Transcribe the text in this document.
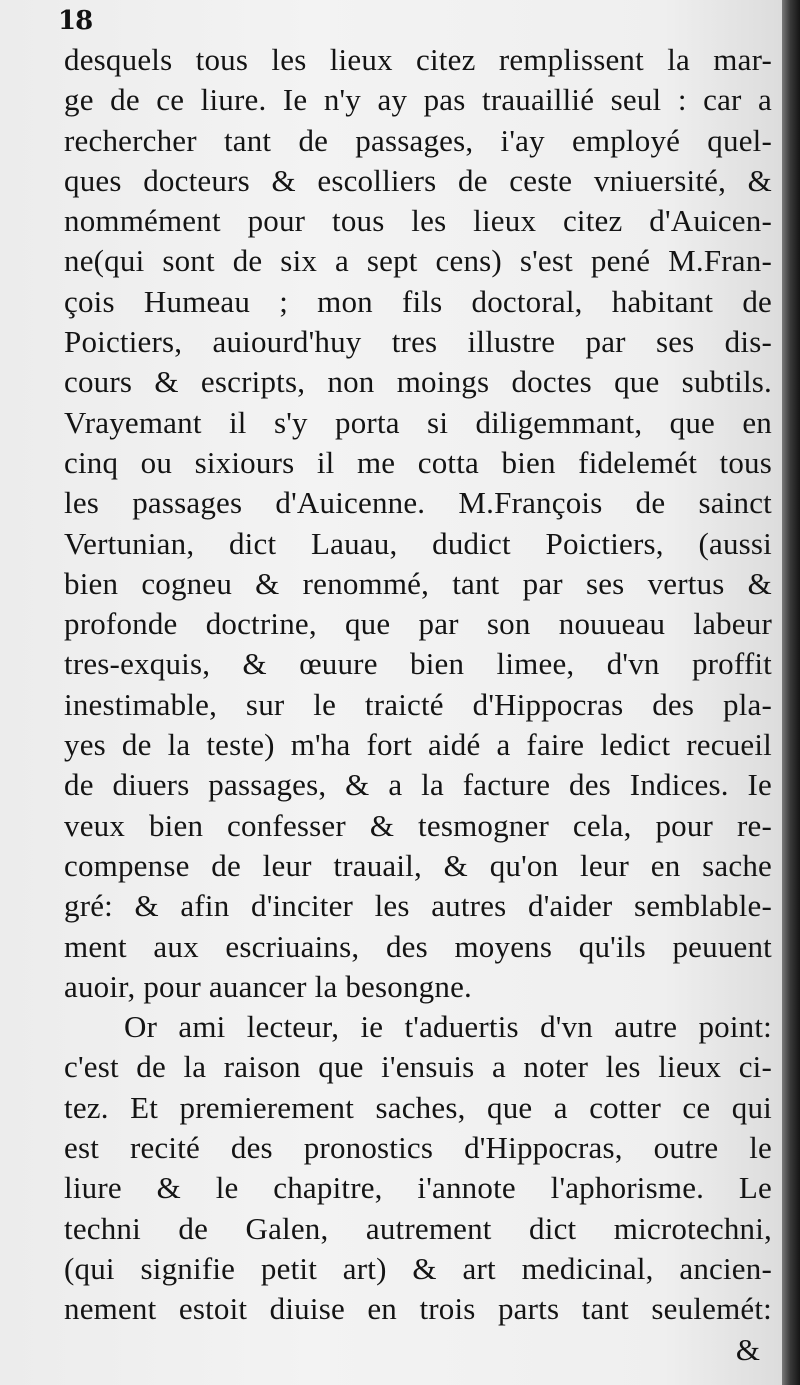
18
desquels tous les lieux citez remplissent la mar-
ge de ce liure. Ie n'y ay pas trauaillié seul : car a
rechercher tant de passages, i'ay employé quel-
ques docteurs & escolliers de ceste vniuersité, &
nommément pour tous les lieux citez d'Auicen-
ne(qui sont de six a sept cens) s'est pené M.Fran-
çois Humeau ; mon fils doctoral, habitant de
Poictiers, auiourd'huy tres illustre par ses dis-
cours & escripts, non moings doctes que subtils.
Vrayemant il s'y porta si diligemmant, que en
cinq ou sixiours il me cotta bien fidelemét tous
les passages d'Auicenne. M.François de sainct
Vertunian, dict Lauau, dudict Poictiers, (aussi
bien cogneu & renommé, tant par ses vertus &
profonde doctrine, que par son nouueau labeur
tres-exquis, & œuure bien limee, d'vn proffit
inestimable, sur le traicté d'Hippocras des pla-
yes de la teste) m'ha fort aidé a faire ledict recueil
de diuers passages, & a la facture des Indices. Ie
veux bien confesser & tesmogner cela, pour re-
compense de leur trauail, & qu'on leur en sache
gré: & afin d'inciter les autres d'aider semblable-
ment aux escriuains, des moyens qu'ils peuuent
auoir, pour auancer la besongne.
Or ami lecteur, ie t'aduertis d'vn autre point:
c'est de la raison que i'ensuis a noter les lieux ci-
tez. Et premierement saches, que a cotter ce qui
est recité des pronostics d'Hippocras, outre le
liure & le chapitre, i'annote l'aphorisme. Le
techni de Galen, autrement dict microtechni,
(qui signifie petit art) & art medicinal, ancien-
nement estoit diuise en trois parts tant seulemét:
&
